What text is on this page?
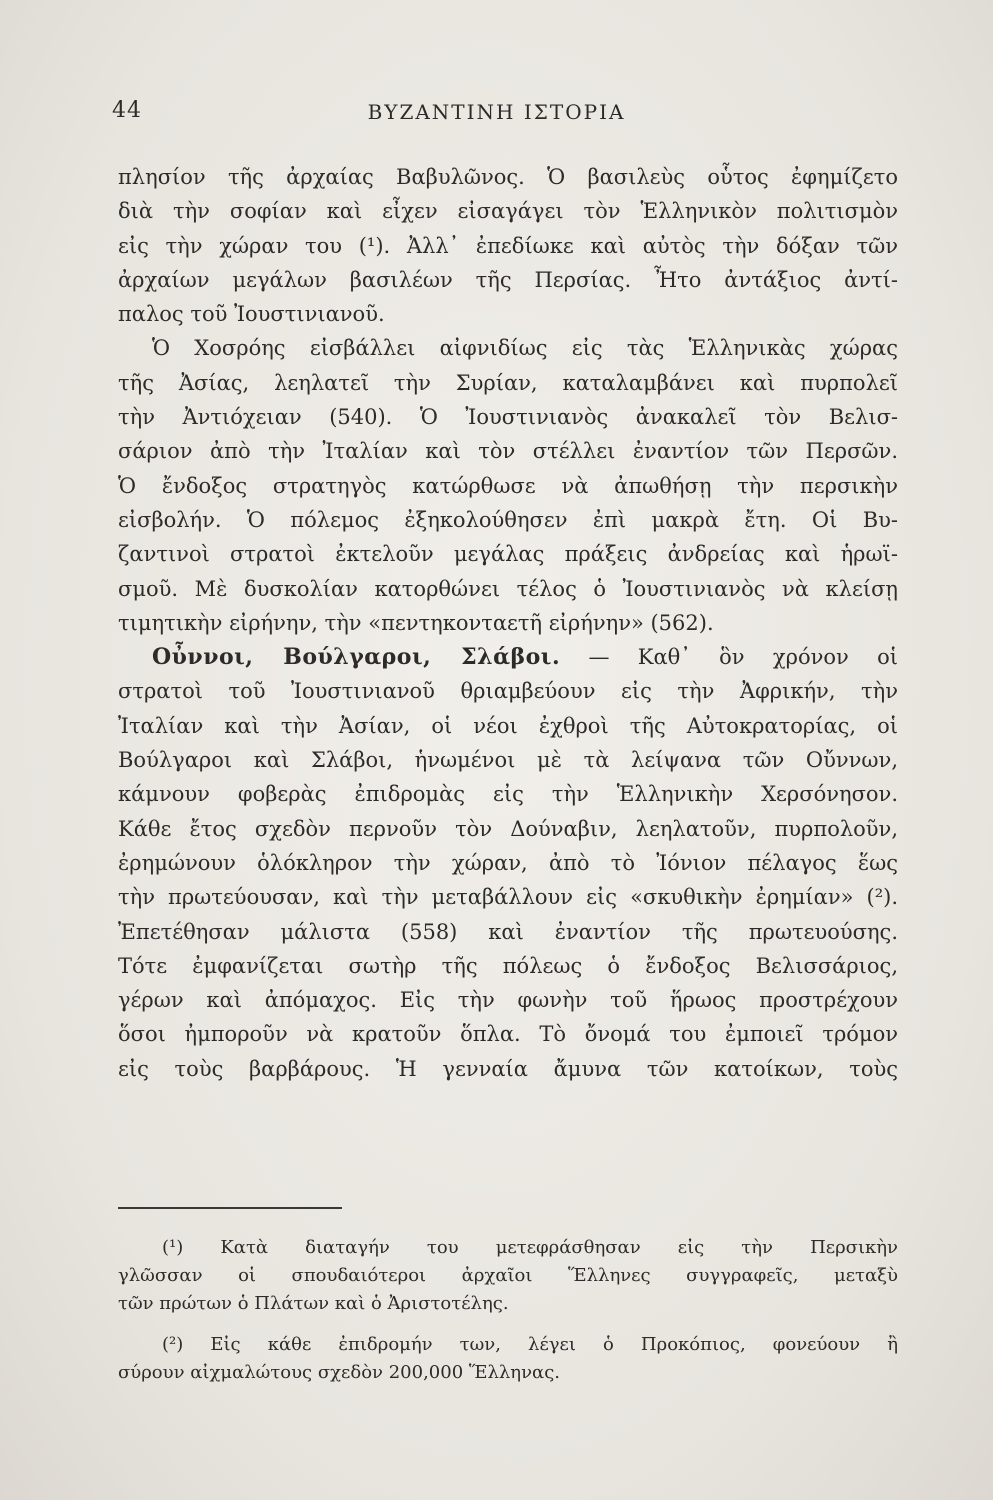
44	ΒΥΖΑΝΤΙΝΗ ΙΣΤΟΡΙΑ
πλησίον τῆς ἀρχαίας Βαβυλῶνος. Ὁ βασιλεὺς οὗτος ἐφημίζετο
διὰ τὴν σοφίαν καὶ εἶχεν εἰσαγάγει τὸν Ἑλληνικὸν πολιτισμὸν
εἰς τὴν χώραν του (¹). Ἀλλ᾽ ἐπεδίωκε καὶ αὐτὸς τὴν δόξαν τῶν
ἀρχαίων μεγάλων βασιλέων τῆς Περσίας. Ἦτο ἀντάξιος ἀντί-
παλος τοῦ Ἰουστινιανοῦ.
Ὁ Χοσρόης εἰσβάλλει αἰφνιδίως εἰς τὰς Ἑλληνικὰς χώρας
τῆς Ἀσίας, λεηλατεῖ τὴν Συρίαν, καταλαμβάνει καὶ πυρπολεῖ
τὴν Ἀντιόχειαν (540). Ὁ Ἰουστινιανὸς ἀνακαλεῖ τὸν Βελισ-
σάριον ἀπὸ τὴν Ἰταλίαν καὶ τὸν στέλλει ἐναντίον τῶν Περσῶν.
Ὁ ἔνδοξος στρατηγὸς κατώρθωσε νὰ ἀπωθήσῃ τὴν περσικὴν
εἰσβολήν. Ὁ πόλεμος ἐξηκολούθησεν ἐπὶ μακρὰ ἔτη. Οἱ Βυ-
ζαντινοὶ στρατοὶ ἐκτελοῦν μεγάλας πράξεις ἀνδρείας καὶ ἡρωϊ-
σμοῦ. Μὲ δυσκολίαν κατορθώνει τέλος ὁ Ἰουστινιανὸς νὰ κλείσῃ
τιμητικὴν εἰρήνην, τὴν «πεντηκονταετῆ εἰρήνην» (562).
Οὖννοι, Βούλγαροι, Σλάβοι. — Καθ᾽ ὃν χρόνον οἱ
στρατοὶ τοῦ Ἰουστινιανοῦ θριαμβεύουν εἰς τὴν Ἀφρικήν, τὴν
Ἰταλίαν καὶ τὴν Ἀσίαν, οἱ νέοι ἐχθροὶ τῆς Αὐτοκρατορίας, οἱ
Βούλγαροι καὶ Σλάβοι, ἡνωμένοι μὲ τὰ λείψανα τῶν Οὔννων,
κάμνουν φοβερὰς ἐπιδρομὰς εἰς τὴν Ἑλληνικὴν Χερσόνησον.
Κάθε ἔτος σχεδὸν περνοῦν τὸν Δούναβιν, λεηλατοῦν, πυρπολοῦν,
ἐρημώνουν ὁλόκληρον τὴν χώραν, ἀπὸ τὸ Ἰόνιον πέλαγος ἕως
τὴν πρωτεύουσαν, καὶ τὴν μεταβάλλουν εἰς «σκυθικὴν ἐρημίαν» (²).
Ἐπετέθησαν μάλιστα (558) καὶ ἐναντίον τῆς πρωτευούσης.
Τότε ἐμφανίζεται σωτὴρ τῆς πόλεως ὁ ἔνδοξος Βελισσάριος,
γέρων καὶ ἀπόμαχος. Εἰς τὴν φωνὴν τοῦ ἥρωος προστρέχουν
ὅσοι ἠμποροῦν νὰ κρατοῦν ὅπλα. Τὸ ὄνομά του ἐμποιεῖ τρόμον
εἰς τοὺς βαρβάρους. Ἡ γενναία ἄμυνα τῶν κατοίκων, τοὺς
(¹) Κατὰ διαταγήν του μετεφράσθησαν εἰς τὴν Περσικὴν
γλῶσσαν οἱ σπουδαιότεροι ἀρχαῖοι Ἕλληνες συγγραφεῖς, μεταξὺ
τῶν πρώτων ὁ Πλάτων καὶ ὁ Ἀριστοτέλης.
(²) Εἰς κάθε ἐπιδρομήν των, λέγει ὁ Προκόπιος, φονεύουν ἢ
σύρουν αἰχμαλώτους σχεδὸν 200,000 Ἕλληνας.
